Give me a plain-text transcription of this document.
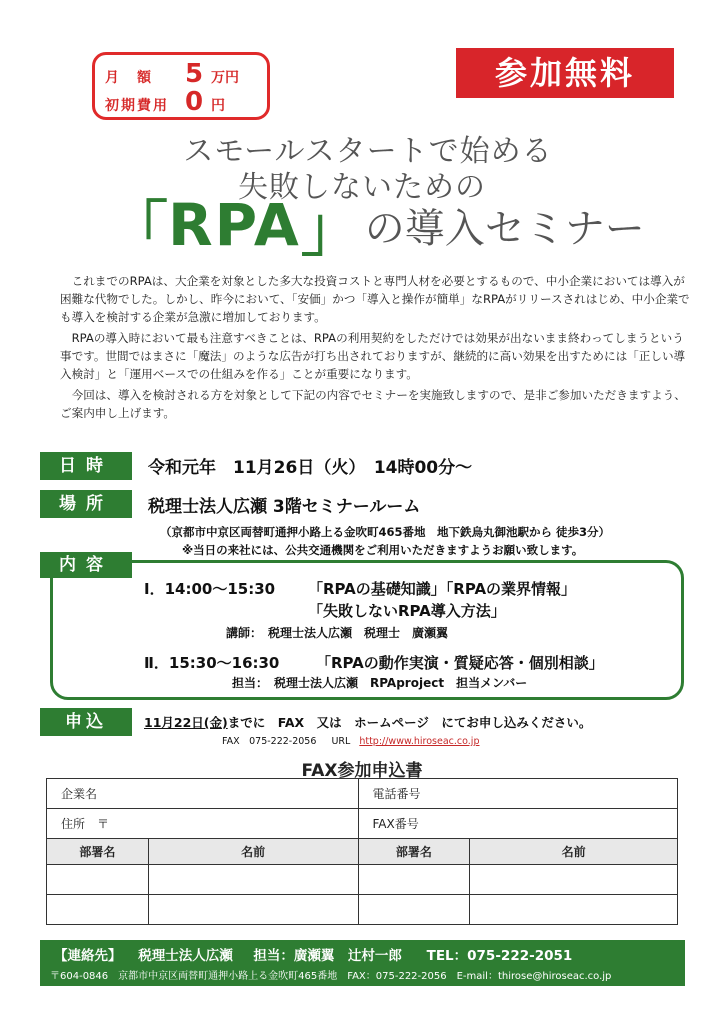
月　額	5 万円
初期費用 0 円
参加無料
スモールスタートで始める
失敗しないための
「 RPA 」 の導入セミナー

これまでのRPAは、大企業を対象とした多大な投資コストと専門人材を必要とするもので、中小企業においては導入が困難な代物でした。しかし、昨今において、「安価」かつ「導入と操作が簡単」なRPAがリリースされはじめ、中小企業でも導入を検討する企業が急激に増加しております。

RPAの導入時において最も注意すべきことは、RPAの利用契約をしただけでは効果が出ないまま終わってしまうという事です。世間ではまさに「魔法」のような広告が打ち出されておりますが、継続的に高い効果を出すためには「正しい導入検討」と「運用ベースでの仕組みを作る」ことが重要になります。

今回は、導入を検討される方を対象として下記の内容でセミナーを実施致しますので、是非ご参加いただきますよう、ご案内申し上げます。

日時	令和元年　11月26日（火）　14時00分〜
場所	税理士法人広瀬 3階セミナールーム
（京都市中京区両替町通押小路上る金吹町465番地　地下鉄烏丸御池駅から 徒歩3分）
※当日の来社には、公共交通機関をご利用いただきますようお願い致します。
内容
Ⅰ．14:00〜15:30 「RPAの基礎知識」「RPAの業界情報」
「失敗しないRPA導入方法」
講師：　税理士法人広瀬　税理士　廣瀬翼
Ⅱ．15:30〜16:30 「RPAの動作実演・質疑応答・個別相談」
担当：　税理士法人広瀬　RPAproject　担当メンバー
申込	11月22日(金)までに　FAX　又は　ホームページ　にてお申し込みください。
FAX　075-222-2056 URL http://www.hiroseac.co.jp
FAX参加申込書
企業名		電話番号	
住所　〒		FAX番号	
部署名	名前	部署名	名前

【連絡先】 税理士法人広瀬 担当：廣瀬翼　辻村一郎 TEL：075-222-2051
〒604-0846　京都市中京区両替町通押小路上る金吹町465番地　FAX：075-222-2056　E-mail：thirose@hiroseac.co.jp
